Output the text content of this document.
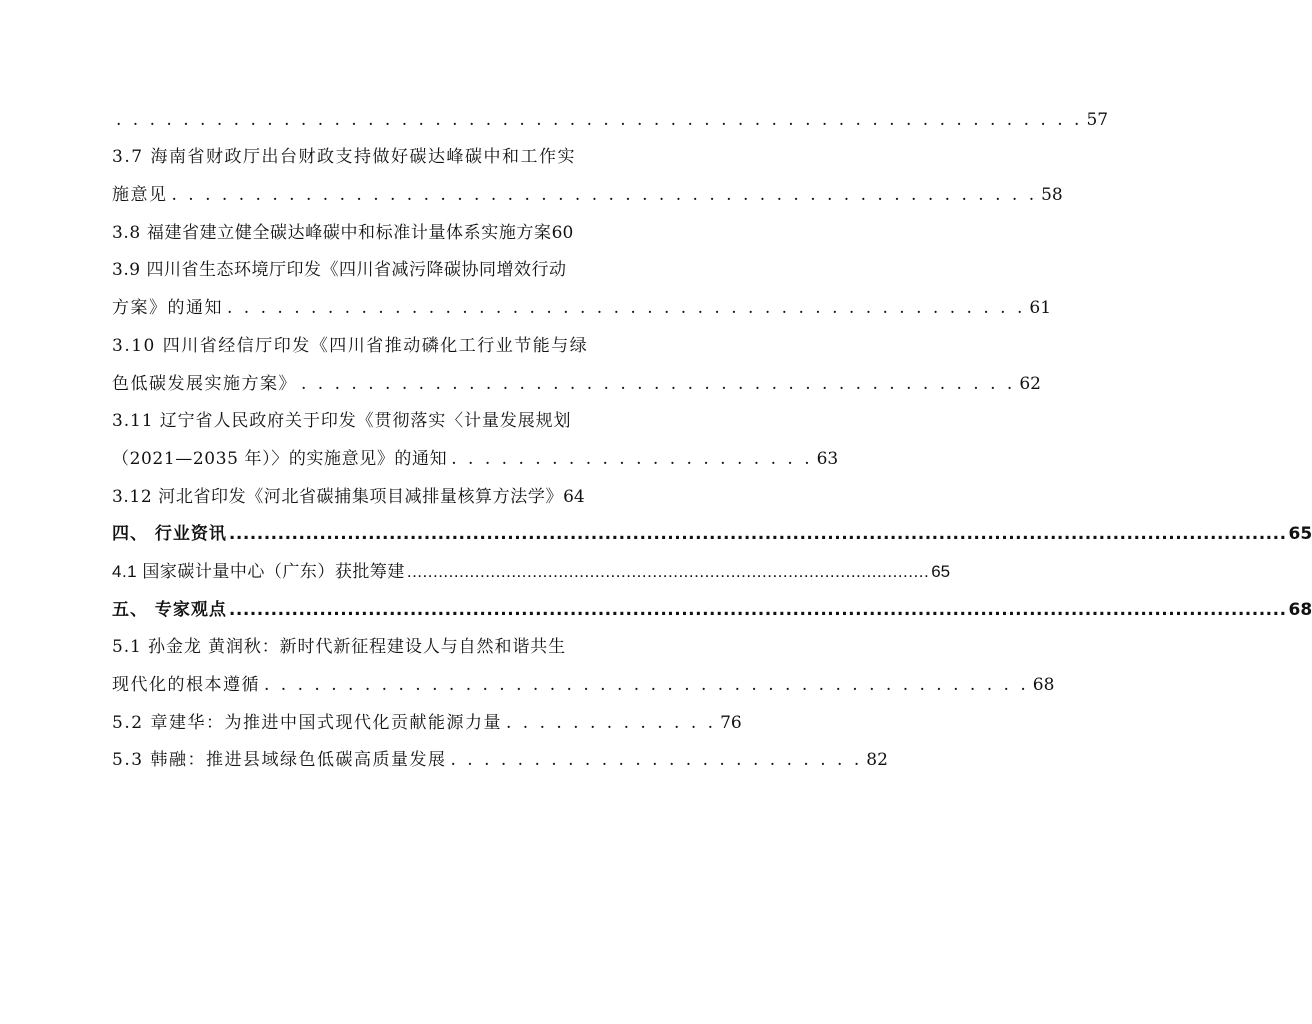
. . . . . . . . . . . . . . . . . . . . . . . . . . . . . . . . . . . . . . . . . . . . . . . . . . . . . . . . . . 57
3.7 海南省财政厅出台财政支持做好碳达峰碳中和工作实
施意见 . . . . . . . . . . . . . . . . . . . . . . . . . . . . . . . . . . . . . . . . . . . . . . . . . . . . 58
3.8 福建省建立健全碳达峰碳中和标准计量体系实施方案 60
3.9 四川省生态环境厅印发《四川省减污降碳协同增效行动
方案》的通知 . . . . . . . . . . . . . . . . . . . . . . . . . . . . . . . . . . . . . . . . . . . . . . . . 61
3.10 四川省经信厅印发《四川省推动磷化工行业节能与绿
色低碳发展实施方案》 . . . . . . . . . . . . . . . . . . . . . . . . . . . . . . . . . . . . . . . . . . . 62
3.11 辽宁省人民政府关于印发《贯彻落实〈计量发展规划
（2021—2035 年）〉的实施意见》的通知 . . . . . . . . . . . . . . . . . . . . . . 63
3.12 河北省印发《河北省碳捕集项目减排量核算方法学》 64
四、 行业资讯 ........................................................................................................................................................ 65
4.1 国家碳计量中心（广东）获批筹建 .................................................................................................... 65
五、 专家观点 ........................................................................................................................................................ 68
5.1 孙金龙 黄润秋：新时代新征程建设人与自然和谐共生
现代化的根本遵循 . . . . . . . . . . . . . . . . . . . . . . . . . . . . . . . . . . . . . . . . . . . . . . 68
5.2 章建华：为推进中国式现代化贡献能源力量 . . . . . . . . . . . . . 76
5.3 韩融：推进县域绿色低碳高质量发展 . . . . . . . . . . . . . . . . . . . . . . . . . 82
